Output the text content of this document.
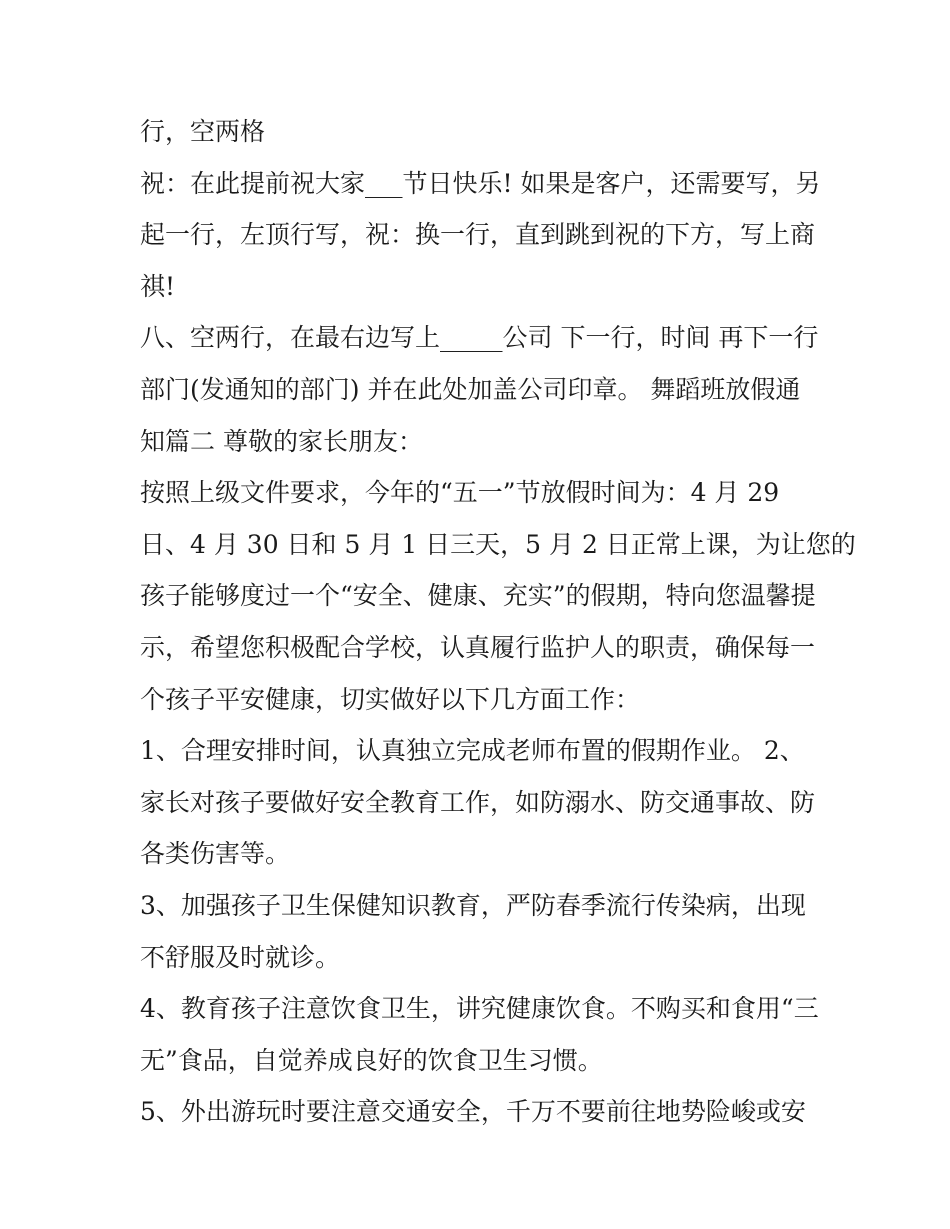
行，空两格
祝：在此提前祝大家___节日快乐! 如果是客户，还需要写，另
起一行，左顶行写，祝：换一行，直到跳到祝的下方，写上商
祺!
八、空两行，在最右边写上_____公司 下一行，时间 再下一行
部门(发通知的部门) 并在此处加盖公司印章。 舞蹈班放假通
知篇二 尊敬的家长朋友：
按照上级文件要求，今年的“五一”节放假时间为：4 月 29
日、4 月 30 日和 5 月 1 日三天，5 月 2 日正常上课，为让您的
孩子能够度过一个“安全、健康、充实”的假期，特向您温馨提
示，希望您积极配合学校，认真履行监护人的职责，确保每一
个孩子平安健康，切实做好以下几方面工作：
1、合理安排时间，认真独立完成老师布置的假期作业。 2、
家长对孩子要做好安全教育工作，如防溺水、防交通事故、防
各类伤害等。
3、加强孩子卫生保健知识教育，严防春季流行传染病，出现
不舒服及时就诊。
4、教育孩子注意饮食卫生，讲究健康饮食。不购买和食用“三
无”食品，自觉养成良好的饮食卫生习惯。
5、外出游玩时要注意交通安全，千万不要前往地势险峻或安
